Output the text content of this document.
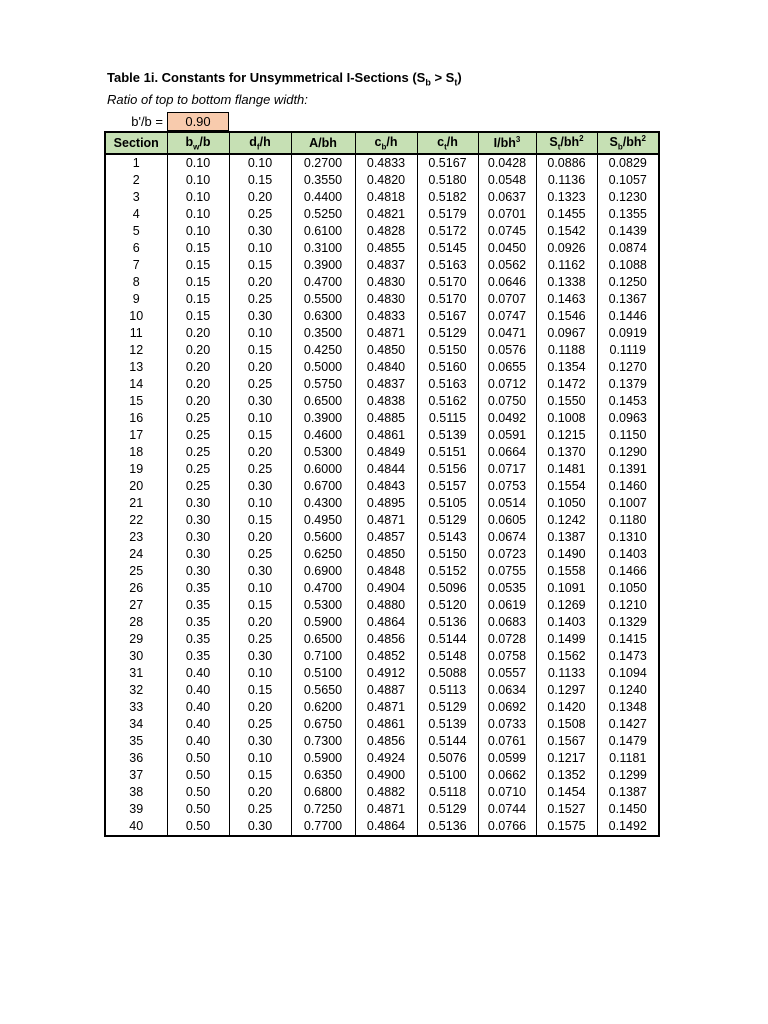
Table 1i. Constants for Unsymmetrical I-Sections $(S_b > S_t)$
Ratio of top to bottom flange width:
b'/b =	0.90
Section	$b_w/b$	$d_f/h$	A/bh	$c_b/h$	$c_t/h$	$I/bh^3$	$S_t/bh^2$	$S_b/bh^2$
1	0.10	0.10	0.2700	0.4833	0.5167	0.0428	0.0886	0.0829
2	0.10	0.15	0.3550	0.4820	0.5180	0.0548	0.1136	0.1057
3	0.10	0.20	0.4400	0.4818	0.5182	0.0637	0.1323	0.1230
4	0.10	0.25	0.5250	0.4821	0.5179	0.0701	0.1455	0.1355
5	0.10	0.30	0.6100	0.4828	0.5172	0.0745	0.1542	0.1439
6	0.15	0.10	0.3100	0.4855	0.5145	0.0450	0.0926	0.0874
7	0.15	0.15	0.3900	0.4837	0.5163	0.0562	0.1162	0.1088
8	0.15	0.20	0.4700	0.4830	0.5170	0.0646	0.1338	0.1250
9	0.15	0.25	0.5500	0.4830	0.5170	0.0707	0.1463	0.1367
10	0.15	0.30	0.6300	0.4833	0.5167	0.0747	0.1546	0.1446
11	0.20	0.10	0.3500	0.4871	0.5129	0.0471	0.0967	0.0919
12	0.20	0.15	0.4250	0.4850	0.5150	0.0576	0.1188	0.1119
13	0.20	0.20	0.5000	0.4840	0.5160	0.0655	0.1354	0.1270
14	0.20	0.25	0.5750	0.4837	0.5163	0.0712	0.1472	0.1379
15	0.20	0.30	0.6500	0.4838	0.5162	0.0750	0.1550	0.1453
16	0.25	0.10	0.3900	0.4885	0.5115	0.0492	0.1008	0.0963
17	0.25	0.15	0.4600	0.4861	0.5139	0.0591	0.1215	0.1150
18	0.25	0.20	0.5300	0.4849	0.5151	0.0664	0.1370	0.1290
19	0.25	0.25	0.6000	0.4844	0.5156	0.0717	0.1481	0.1391
20	0.25	0.30	0.6700	0.4843	0.5157	0.0753	0.1554	0.1460
21	0.30	0.10	0.4300	0.4895	0.5105	0.0514	0.1050	0.1007
22	0.30	0.15	0.4950	0.4871	0.5129	0.0605	0.1242	0.1180
23	0.30	0.20	0.5600	0.4857	0.5143	0.0674	0.1387	0.1310
24	0.30	0.25	0.6250	0.4850	0.5150	0.0723	0.1490	0.1403
25	0.30	0.30	0.6900	0.4848	0.5152	0.0755	0.1558	0.1466
26	0.35	0.10	0.4700	0.4904	0.5096	0.0535	0.1091	0.1050
27	0.35	0.15	0.5300	0.4880	0.5120	0.0619	0.1269	0.1210
28	0.35	0.20	0.5900	0.4864	0.5136	0.0683	0.1403	0.1329
29	0.35	0.25	0.6500	0.4856	0.5144	0.0728	0.1499	0.1415
30	0.35	0.30	0.7100	0.4852	0.5148	0.0758	0.1562	0.1473
31	0.40	0.10	0.5100	0.4912	0.5088	0.0557	0.1133	0.1094
32	0.40	0.15	0.5650	0.4887	0.5113	0.0634	0.1297	0.1240
33	0.40	0.20	0.6200	0.4871	0.5129	0.0692	0.1420	0.1348
34	0.40	0.25	0.6750	0.4861	0.5139	0.0733	0.1508	0.1427
35	0.40	0.30	0.7300	0.4856	0.5144	0.0761	0.1567	0.1479
36	0.50	0.10	0.5900	0.4924	0.5076	0.0599	0.1217	0.1181
37	0.50	0.15	0.6350	0.4900	0.5100	0.0662	0.1352	0.1299
38	0.50	0.20	0.6800	0.4882	0.5118	0.0710	0.1454	0.1387
39	0.50	0.25	0.7250	0.4871	0.5129	0.0744	0.1527	0.1450
40	0.50	0.30	0.7700	0.4864	0.5136	0.0766	0.1575	0.1492
